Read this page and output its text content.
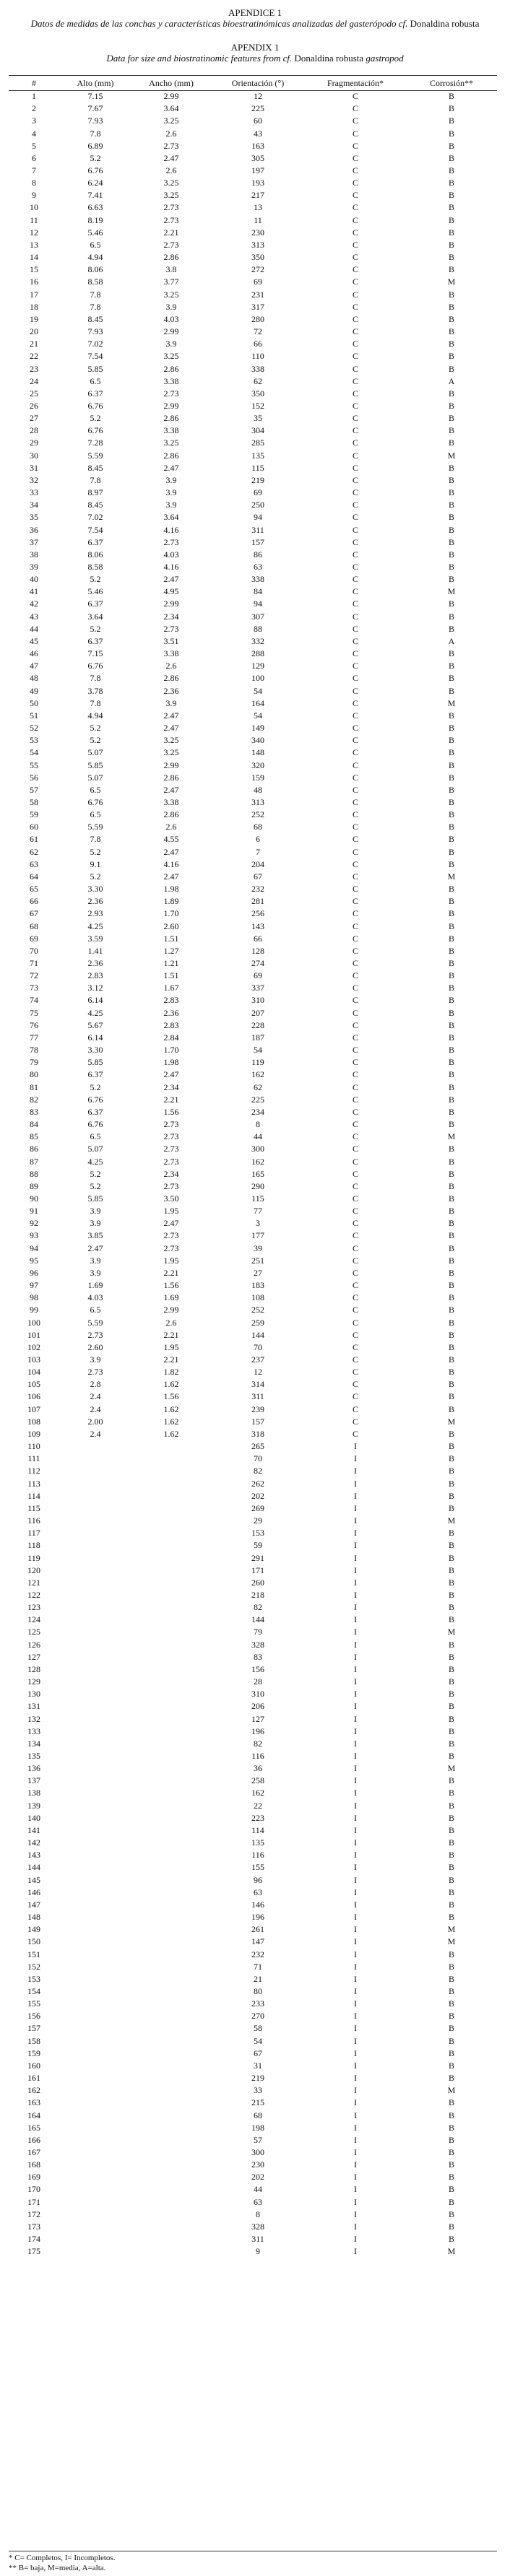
APENDICE 1
Datos de medidas de las conchas y características bioestratinómicas analizadas del gasterópodo cf. Donaldina robusta
APENDIX 1
Data for size and biostratinomic features from cf. Donaldina robusta gastropod
#	Alto (mm)	Ancho (mm)	Orientación (°)	Fragmentación*	Corrosión**
1	7.15	2.99	12	C	B
2	7.67	3.64	225	C	B
3	7.93	3.25	60	C	B
4	7.8	2.6	43	C	B
5	6.89	2.73	163	C	B
6	5.2	2.47	305	C	B
7	6.76	2.6	197	C	B
8	6.24	3.25	193	C	B
9	7.41	3.25	217	C	B
10	6.63	2.73	13	C	B
11	8.19	2.73	11	C	B
12	5.46	2.21	230	C	B
13	6.5	2.73	313	C	B
14	4.94	2.86	350	C	B
15	8.06	3.8	272	C	B
16	8.58	3.77	69	C	M
17	7.8	3.25	231	C	B
18	7.8	3.9	317	C	B
19	8.45	4.03	280	C	B
20	7.93	2.99	72	C	B
21	7.02	3.9	66	C	B
22	7.54	3.25	110	C	B
23	5.85	2.86	338	C	B
24	6.5	3.38	62	C	A
25	6.37	2.73	350	C	B
26	6.76	2.99	152	C	B
27	5.2	2.86	35	C	B
28	6.76	3.38	304	C	B
29	7.28	3.25	285	C	B
30	5.59	2.86	135	C	M
31	8.45	2.47	115	C	B
32	7.8	3.9	219	C	B
33	8.97	3.9	69	C	B
34	8.45	3.9	250	C	B
35	7.02	3.64	94	C	B
36	7.54	4.16	311	C	B
37	6.37	2.73	157	C	B
38	8.06	4.03	86	C	B
39	8.58	4.16	63	C	B
40	5.2	2.47	338	C	B
41	5.46	4.95	84	C	M
42	6.37	2.99	94	C	B
43	3.64	2.34	307	C	B
44	5.2	2.73	88	C	B
45	6.37	3.51	332	C	A
46	7.15	3.38	288	C	B
47	6.76	2.6	129	C	B
48	7.8	2.86	100	C	B
49	3.78	2.36	54	C	B
50	7.8	3.9	164	C	M
51	4.94	2.47	54	C	B
52	5.2	2.47	149	C	B
53	5.2	3.25	340	C	B
54	5.07	3.25	148	C	B
55	5.85	2.99	320	C	B
56	5.07	2.86	159	C	B
57	6.5	2.47	48	C	B
58	6.76	3.38	313	C	B
59	6.5	2.86	252	C	B
60	5.59	2.6	68	C	B
61	7.8	4.55	6	C	B
62	5.2	2.47	7	C	B
63	9.1	4.16	204	C	B
64	5.2	2.47	67	C	M
65	3.30	1.98	232	C	B
66	2.36	1.89	281	C	B
67	2.93	1.70	256	C	B
68	4.25	2.60	143	C	B
69	3.59	1.51	66	C	B
70	1.41	1.27	128	C	B
71	2.36	1.21	274	C	B
72	2.83	1.51	69	C	B
73	3.12	1.67	337	C	B
74	6.14	2.83	310	C	B
75	4.25	2.36	207	C	B
76	5.67	2.83	228	C	B
77	6.14	2.84	187	C	B
78	3.30	1.70	54	C	B
79	5.85	1.98	119	C	B
80	6.37	2.47	162	C	B
81	5.2	2.34	62	C	B
82	6.76	2.21	225	C	B
83	6.37	1.56	234	C	B
84	6.76	2.73	8	C	B
85	6.5	2.73	44	C	M
86	5.07	2.73	300	C	B
87	4.25	2.73	162	C	B
88	5.2	2.34	165	C	B
89	5.2	2.73	290	C	B
90	5.85	3.50	115	C	B
91	3.9	1.95	77	C	B
92	3.9	2.47	3	C	B
93	3.85	2.73	177	C	B
94	2.47	2.73	39	C	B
95	3.9	1.95	251	C	B
96	3.9	2.21	27	C	B
97	1.69	1.56	183	C	B
98	4.03	1.69	108	C	B
99	6.5	2.99	252	C	B
100	5.59	2.6	259	C	B
101	2.73	2.21	144	C	B
102	2.60	1.95	70	C	B
103	3.9	2.21	237	C	B
104	2.73	1.82	12	C	B
105	2.8	1.62	314	C	B
106	2.4	1.56	311	C	B
107	2.4	1.62	239	C	B
108	2.00	1.62	157	C	M
109	2.4	1.62	318	C	B
110			265	I	B
111			70	I	B
112			82	I	B
113			262	I	B
114			202	I	B
115			269	I	B
116			29	I	M
117			153	I	B
118			59	I	B
119			291	I	B
120			171	I	B
121			260	I	B
122			218	I	B
123			82	I	B
124			144	I	B
125			79	I	M
126			328	I	B
127			83	I	B
128			156	I	B
129			28	I	B
130			310	I	B
131			206	I	B
132			127	I	B
133			196	I	B
134			82	I	B
135			116	I	B
136			36	I	M
137			258	I	B
138			162	I	B
139			22	I	B
140			223	I	B
141			114	I	B
142			135	I	B
143			116	I	B
144			155	I	B
145			96	I	B
146			63	I	B
147			146	I	B
148			196	I	B
149			261	I	M
150			147	I	M
151			232	I	B
152			71	I	B
153			21	I	B
154			80	I	B
155			233	I	B
156			270	I	B
157			58	I	B
158			54	I	B
159			67	I	B
160			31	I	B
161			219	I	B
162			33	I	M
163			215	I	B
164			68	I	B
165			198	I	B
166			57	I	B
167			300	I	B
168			230	I	B
169			202	I	B
170			44	I	B
171			63	I	B
172			8	I	B
173			328	I	B
174			311	I	B
175			9	I	M
* C= Completos, I= Incompletos.
** B= baja, M=media, A=alta.
